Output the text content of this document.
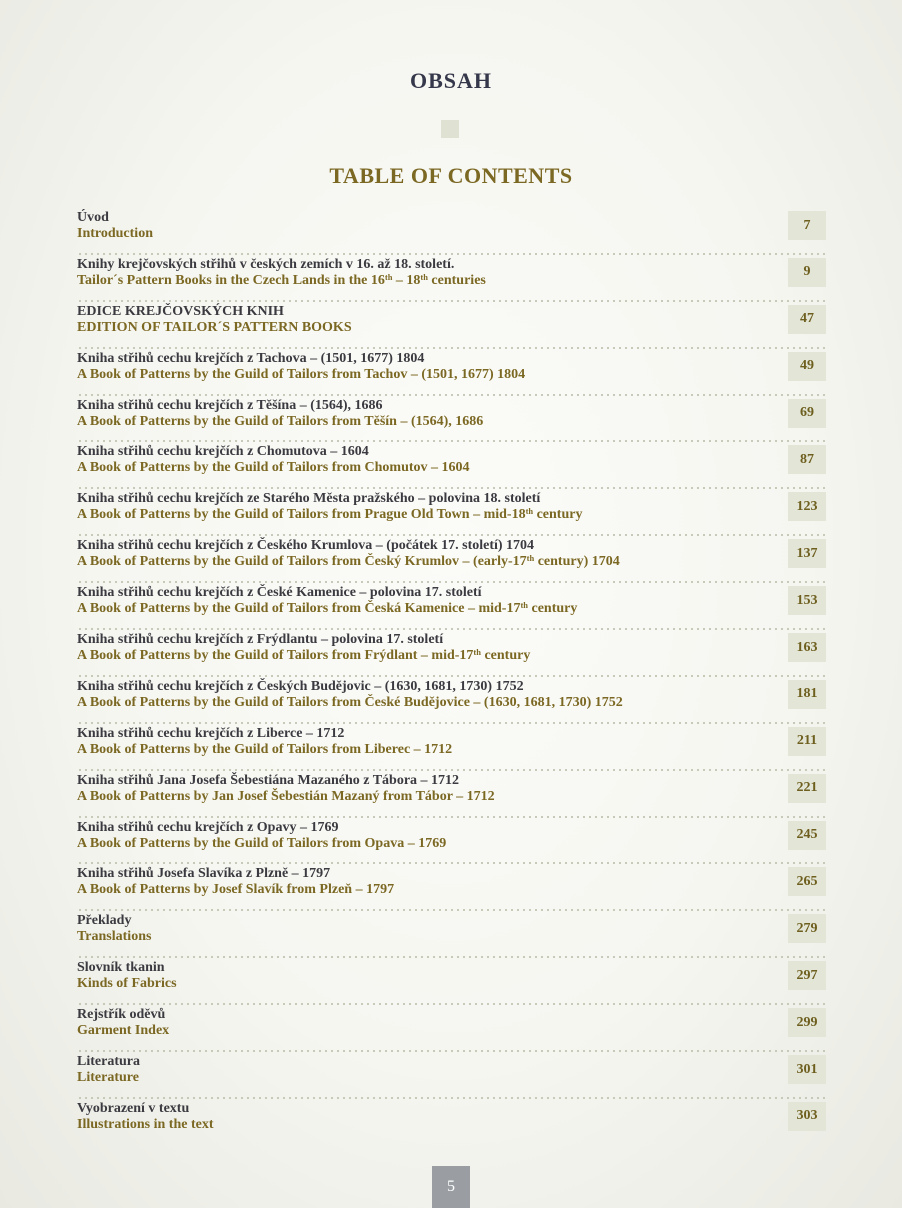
OBSAH
TABLE OF CONTENTS
Úvod
Introduction
7
Knihy krejčovských střihů v českých zemích v 16. až 18. století.
Tailor´s Pattern Books in the Czech Lands in the 16ᵗʰ – 18ᵗʰ centuries
9
EDICE KREJČOVSKÝCH KNIH
EDITION OF TAILOR´S PATTERN BOOKS
47
Kniha střihů cechu krejčích z Tachova – (1501, 1677) 1804
A Book of Patterns by the Guild of Tailors from Tachov – (1501, 1677) 1804
49
Kniha střihů cechu krejčích z Těšína – (1564), 1686
A Book of Patterns by the Guild of Tailors from Těšín – (1564), 1686
69
Kniha střihů cechu krejčích z Chomutova – 1604
A Book of Patterns by the Guild of Tailors from Chomutov – 1604
87
Kniha střihů cechu krejčích ze Starého Města pražského – polovina 18. století
A Book of Patterns by the Guild of Tailors from Prague Old Town – mid-18ᵗʰ century
123
Kniha střihů cechu krejčích z Českého Krumlova – (počátek 17. století) 1704
A Book of Patterns by the Guild of Tailors from Český Krumlov – (early-17ᵗʰ century) 1704
137
Kniha střihů cechu krejčích z České Kamenice – polovina 17. století
A Book of Patterns by the Guild of Tailors from Česká Kamenice – mid-17ᵗʰ century
153
Kniha střihů cechu krejčích z Frýdlantu – polovina 17. století
A Book of Patterns by the Guild of Tailors from Frýdlant – mid-17ᵗʰ century
163
Kniha střihů cechu krejčích z Českých Budějovic – (1630, 1681, 1730) 1752
A Book of Patterns by the Guild of Tailors from České Budějovice – (1630, 1681, 1730) 1752
181
Kniha střihů cechu krejčích z Liberce – 1712
A Book of Patterns by the Guild of Tailors from Liberec – 1712
211
Kniha střihů Jana Josefa Šebestiána Mazaného z Tábora – 1712
A Book of Patterns by Jan Josef Šebestián Mazaný from Tábor – 1712
221
Kniha střihů cechu krejčích z Opavy – 1769
A Book of Patterns by the Guild of Tailors from Opava – 1769
245
Kniha střihů Josefa Slavíka z Plzně – 1797
A Book of Patterns by Josef Slavík from Plzeň – 1797
265
Překlady
Translations
279
Slovník tkanin
Kinds of Fabrics
297
Rejstřík oděvů
Garment Index
299
Literatura
Literature
301
Vyobrazení v textu
Illustrations in the text
303
5
